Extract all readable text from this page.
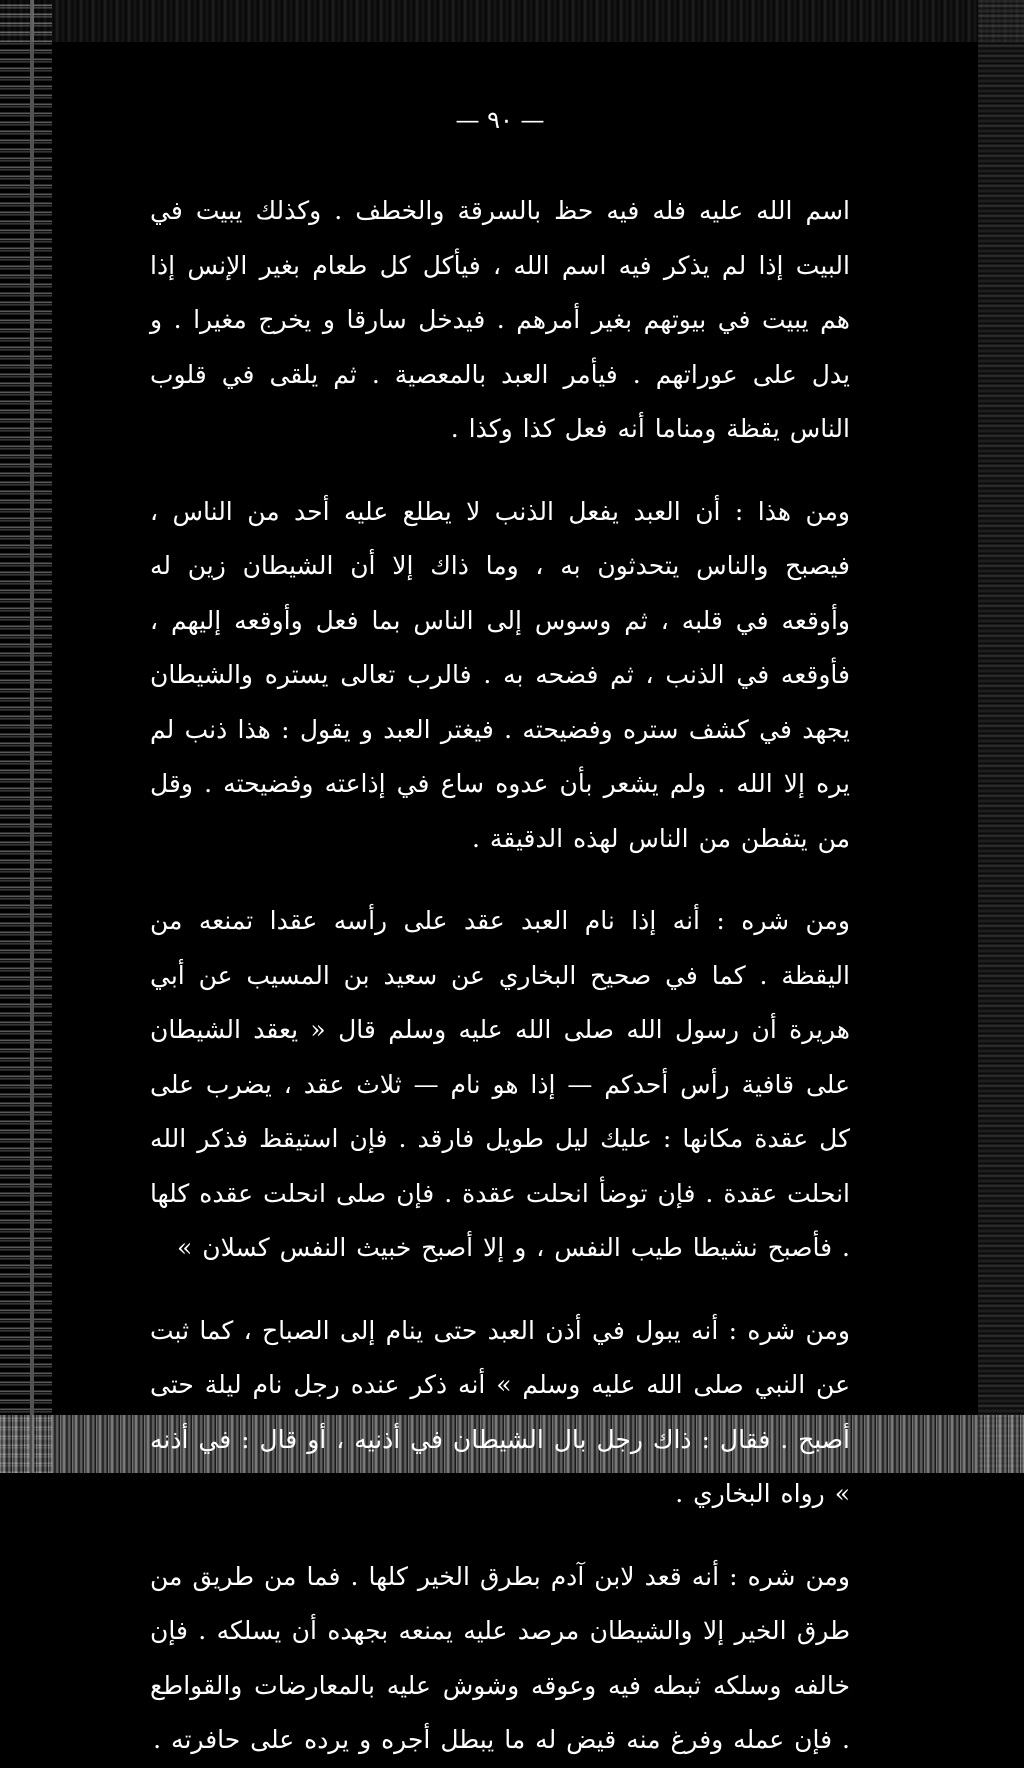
— ٩٠ —

اسم الله عليه فله فيه حظ بالسرقة والخطف . وكذلك يبيت في البيت إذا لم يذكر فيه اسم الله ، فيأكل كل طعام بغير الإنس إذا هم يبيت في بيوتهم بغير أمرهم . فيدخل سارقا و يخرج مغيرا . و يدل على عوراتهم . فيأمر العبد بالمعصية . ثم يلقى في قلوب الناس يقظة ومناما أنه فعل كذا وكذا .

ومن هذا : أن العبد يفعل الذنب لا يطلع عليه أحد من الناس ، فيصبح والناس يتحدثون به ، وما ذاك إلا أن الشيطان زين له وأوقعه في قلبه ، ثم وسوس إلى الناس بما فعل وأوقعه إليهم ، فأوقعه في الذنب ، ثم فضحه به . فالرب تعالى يستره والشيطان يجهد في كشف ستره وفضيحته . فيغتر العبد و يقول : هذا ذنب لم يره إلا الله . ولم يشعر بأن عدوه ساع في إذاعته وفضيحته . وقل من يتفطن من الناس لهذه الدقيقة .

ومن شره : أنه إذا نام العبد عقد على رأسه عقدا تمنعه من اليقظة . كما في صحيح البخاري عن سعيد بن المسيب عن أبي هريرة أن رسول الله صلى الله عليه وسلم قال « يعقد الشيطان على قافية رأس أحدكم — إذا هو نام — ثلاث عقد ، يضرب على كل عقدة مكانها : عليك ليل طويل فارقد . فإن استيقظ فذكر الله انحلت عقدة . فإن توضأ انحلت عقدة . فإن صلى انحلت عقده كلها . فأصبح نشيطا طيب النفس ، و إلا أصبح خبيث النفس كسلان »

ومن شره : أنه يبول في أذن العبد حتى ينام إلى الصباح ، كما ثبت عن النبي صلى الله عليه وسلم » أنه ذكر عنده رجل نام ليلة حتى أصبح . فقال : ذاك رجل بال الشيطان في أذنيه ، أو قال : في أذنه » رواه البخاري .

ومن شره : أنه قعد لابن آدم بطرق الخير كلها . فما من طريق من طرق الخير إلا والشيطان مرصد عليه يمنعه بجهده أن يسلكه . فإن خالفه وسلكه ثبطه فيه وعوقه وشوش عليه بالمعارضات والقواطع . فإن عمله وفرغ منه قيض له ما يبطل أجره و يرده على حافرته .
